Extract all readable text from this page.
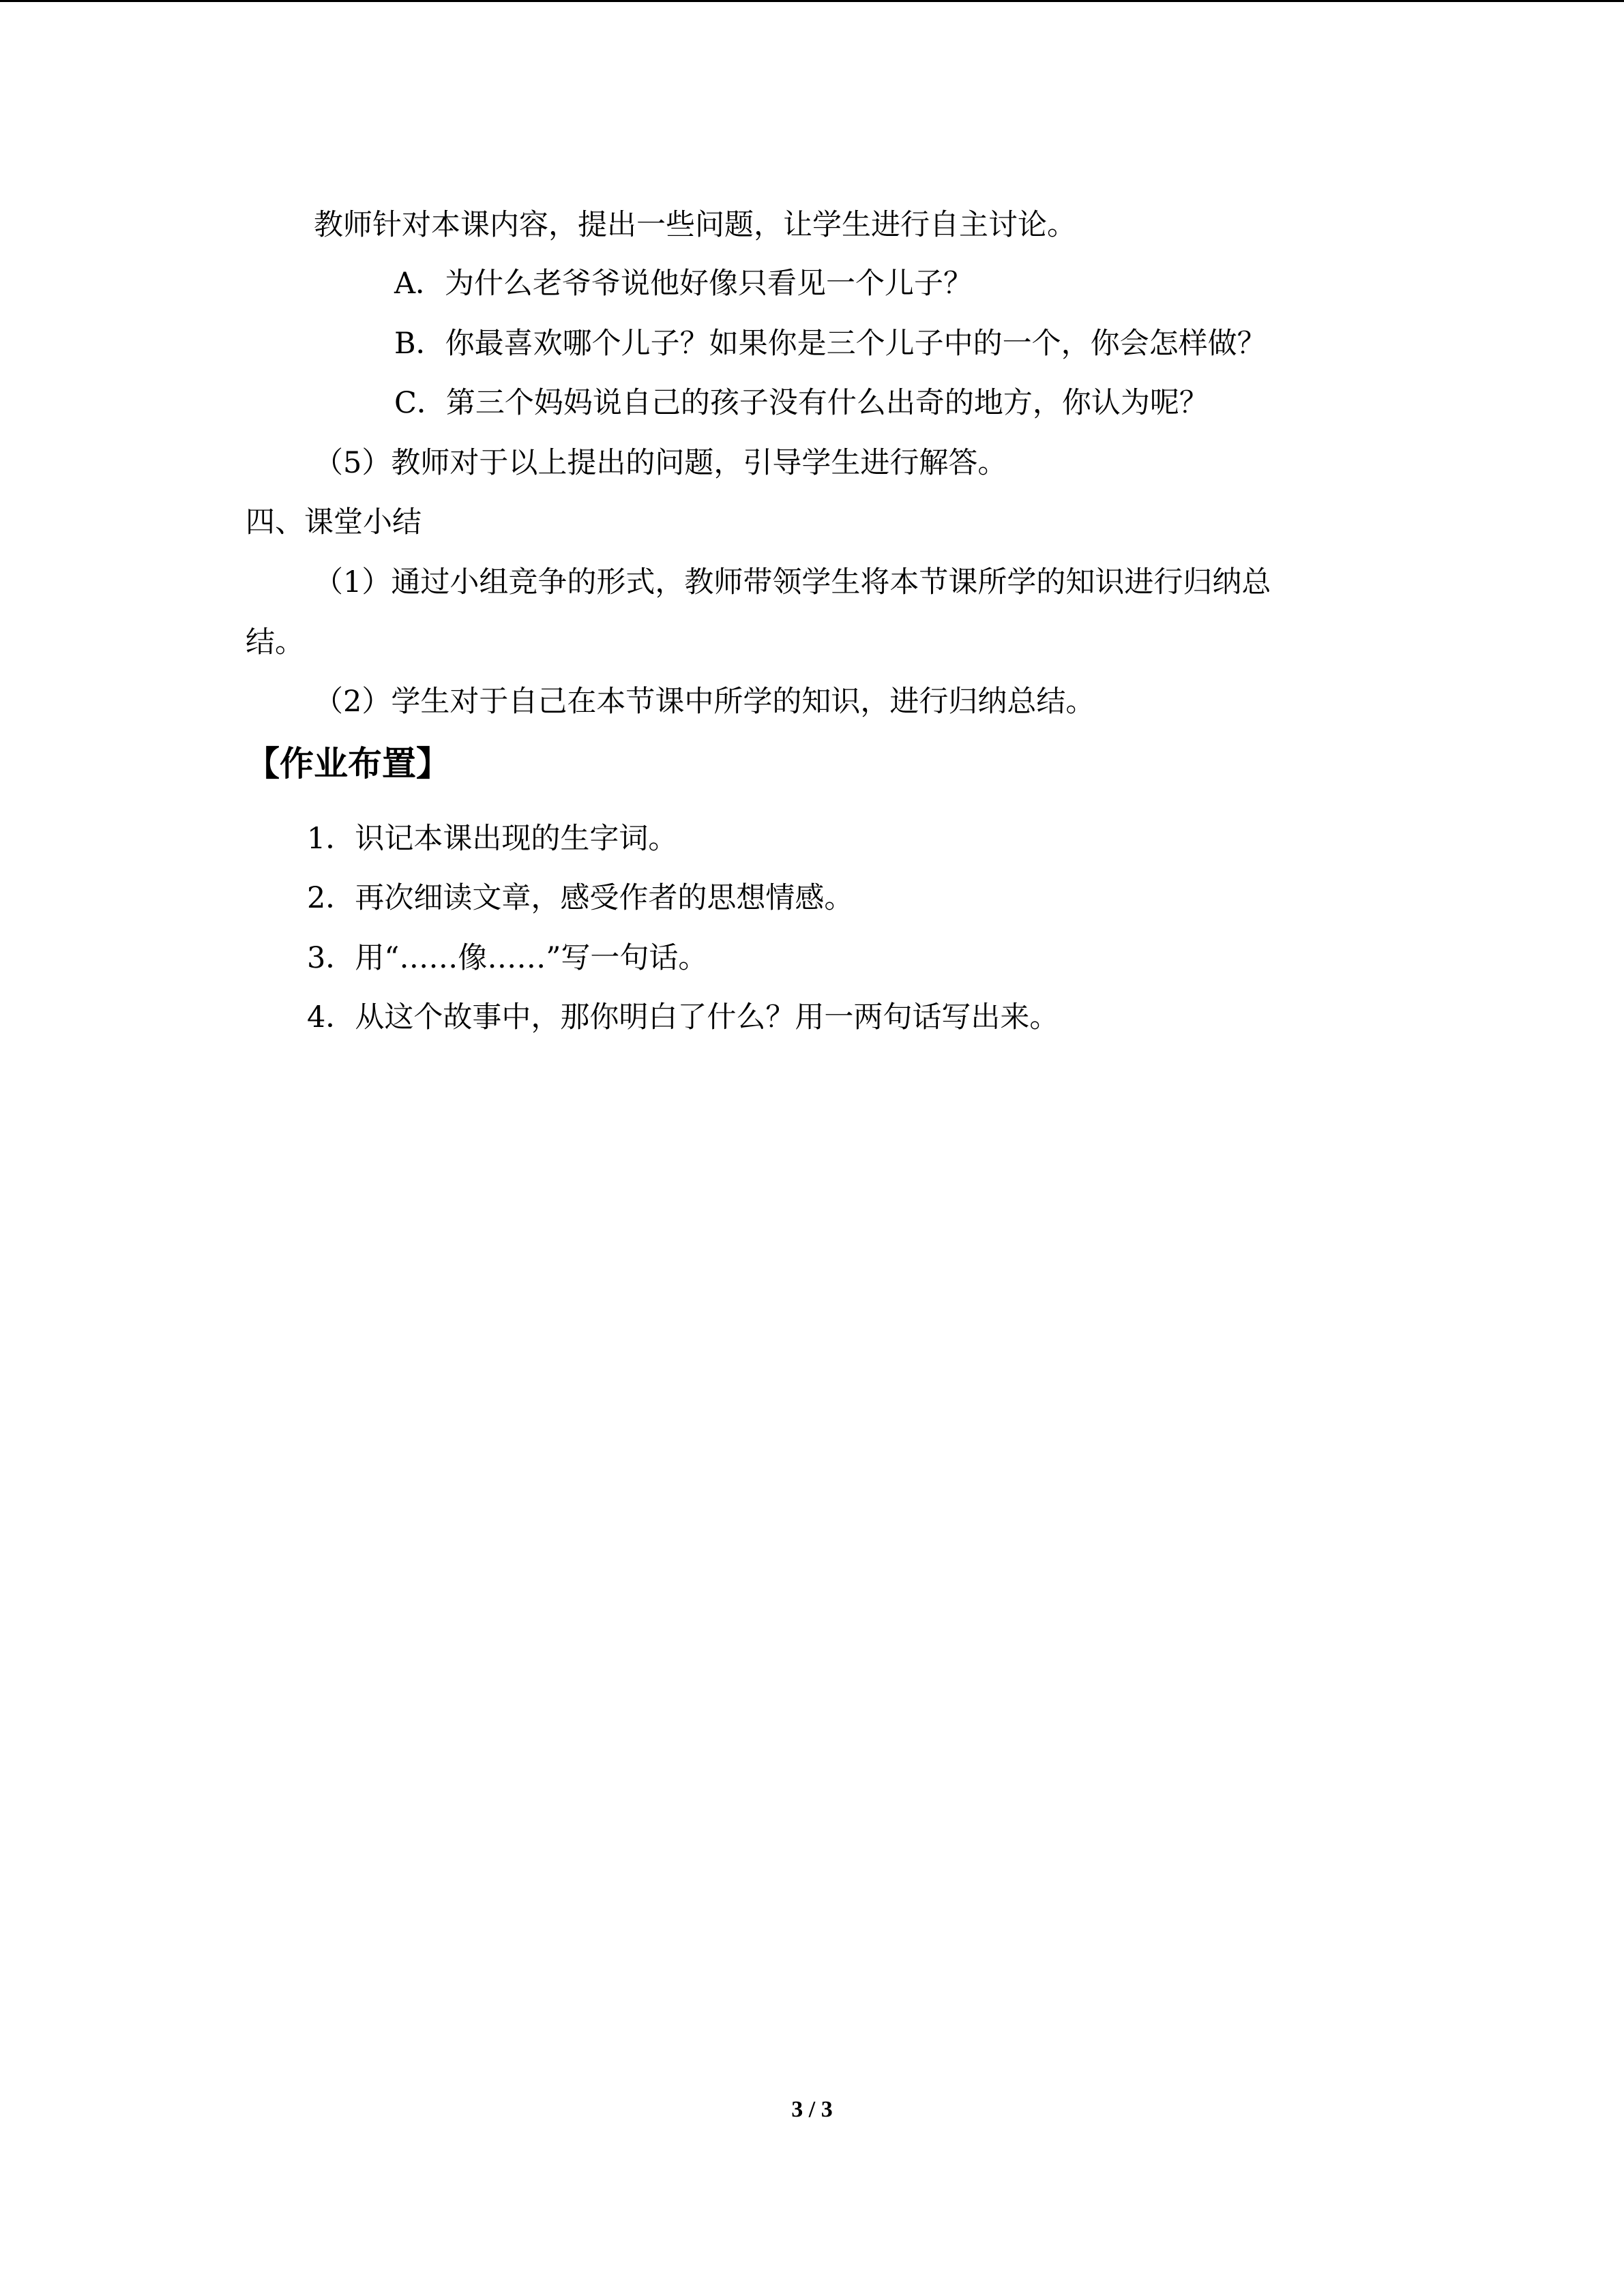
教师针对本课内容，提出一些问题，让学生进行自主讨论。
A．为什么老爷爷说他好像只看见一个儿子？
B．你最喜欢哪个儿子？如果你是三个儿子中的一个，你会怎样做？
C．第三个妈妈说自己的孩子没有什么出奇的地方，你认为呢？
（5）教师对于以上提出的问题，引导学生进行解答。
四、课堂小结
（1）通过小组竞争的形式，教师带领学生将本节课所学的知识进行归纳总
结。
（2）学生对于自己在本节课中所学的知识，进行归纳总结。
【作业布置】
1．识记本课出现的生字词。
2．再次细读文章，感受作者的思想情感。
3．用“……像……”写一句话。
4．从这个故事中，那你明白了什么？用一两句话写出来。
3 / 3
